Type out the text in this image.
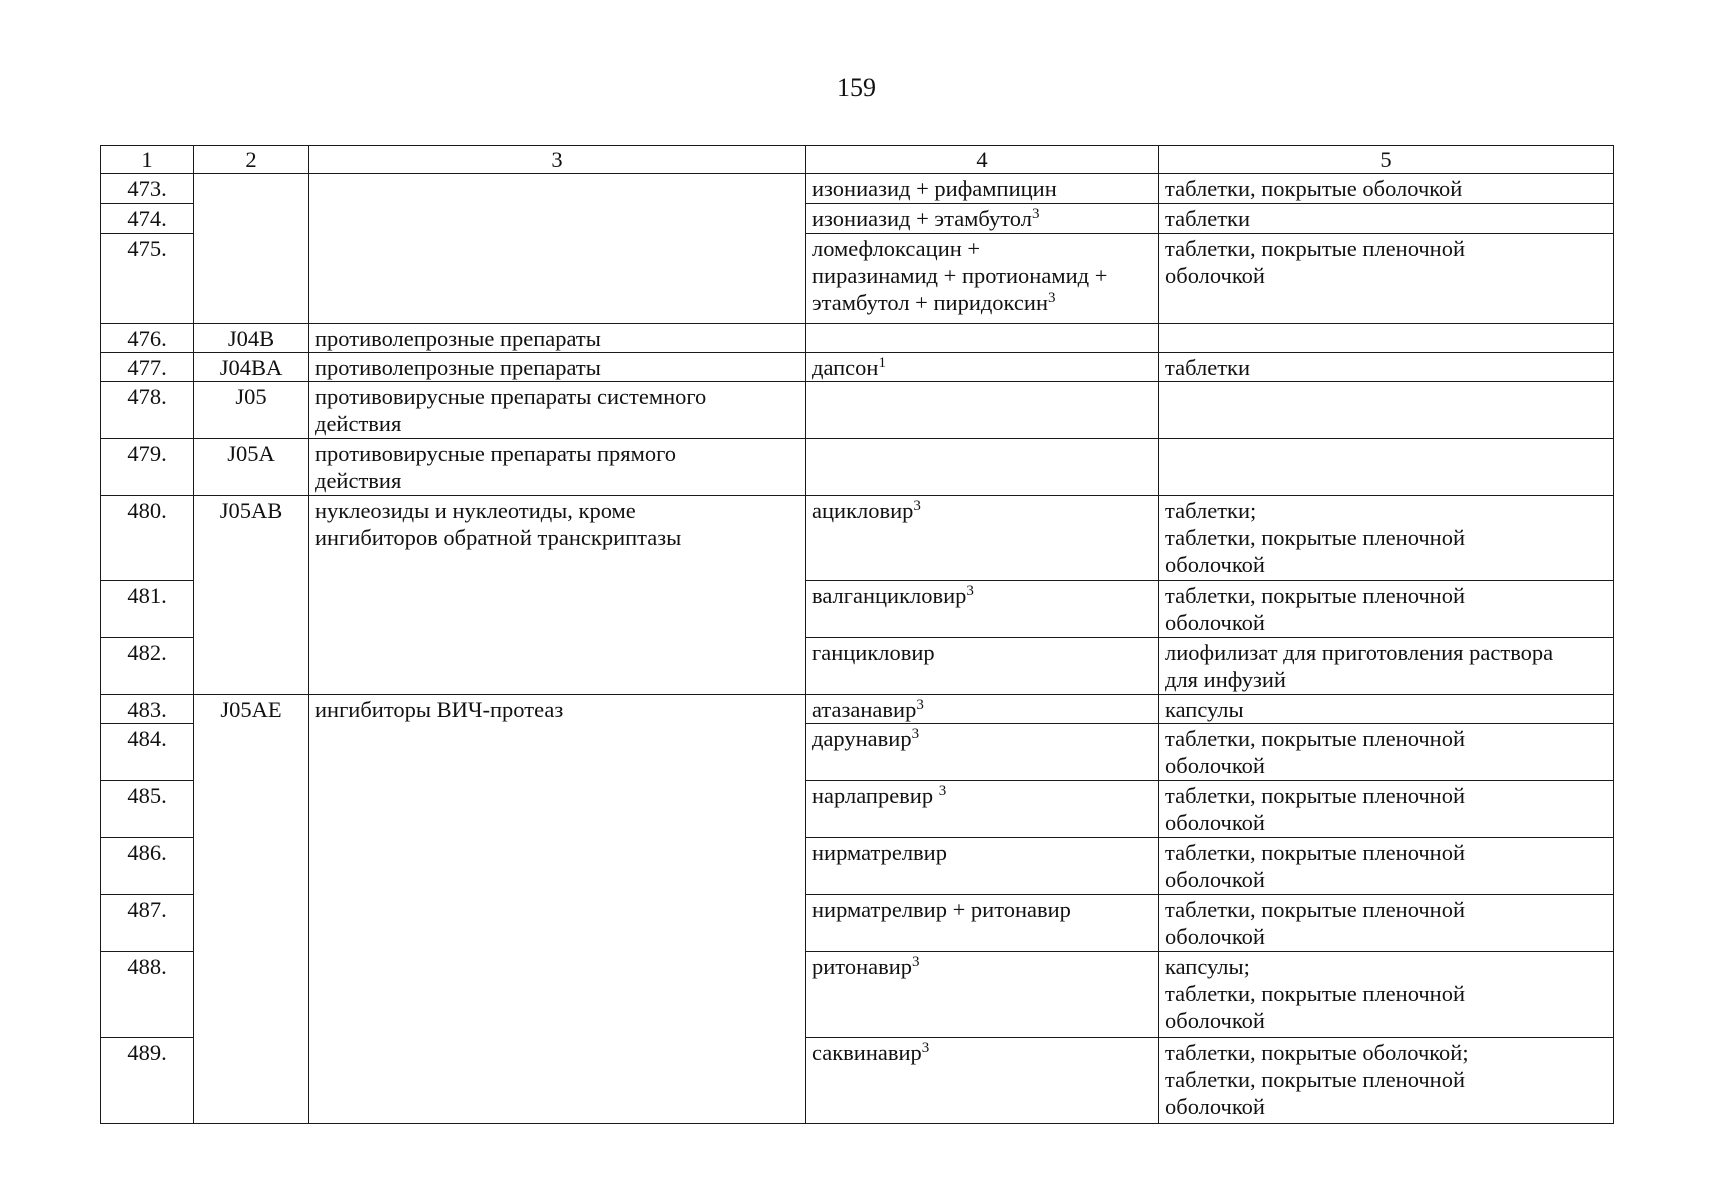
159
1	2	3	4	5
473.			изониазид + рифампицин	таблетки, покрытые оболочкой

474.			изониазид + этамбутол$^3$	таблетки

475.			ломефлоксацин +
пиразинамид + протионамид +
этамбутол + пиридоксин$^3$	таблетки, покрытые пленочной
оболочкой

476.	J04B	противолепрозные препараты		

477.	J04BA	противолепрозные препараты	дапсон$^1$	таблетки

478.	J05	противовирусные препараты системного
действия		

479.	J05A	противовирусные препараты прямого
действия		

480.	J05AB	нуклеозиды и нуклеотиды, кроме
ингибиторов обратной транскриптазы	ацикловир$^3$	таблетки;
таблетки, покрытые пленочной
оболочкой

481.			валганцикловир$^3$	таблетки, покрытые пленочной
оболочкой

482.			ганцикловир	лиофилизат для приготовления раствора
для инфузий

483.	J05AE	ингибиторы ВИЧ-протеаз	атазанавир$^3$	капсулы

484.			дарунавир$^3$	таблетки, покрытые пленочной
оболочкой

485.			нарлапревир $^3$	таблетки, покрытые пленочной
оболочкой

486.			нирматрелвир	таблетки, покрытые пленочной
оболочкой

487.			нирматрелвир + ритонавир	таблетки, покрытые пленочной
оболочкой

488.			ритонавир$^3$	капсулы;
таблетки, покрытые пленочной
оболочкой

489.			саквинавир$^3$	таблетки, покрытые оболочкой;
таблетки, покрытые пленочной
оболочкой
